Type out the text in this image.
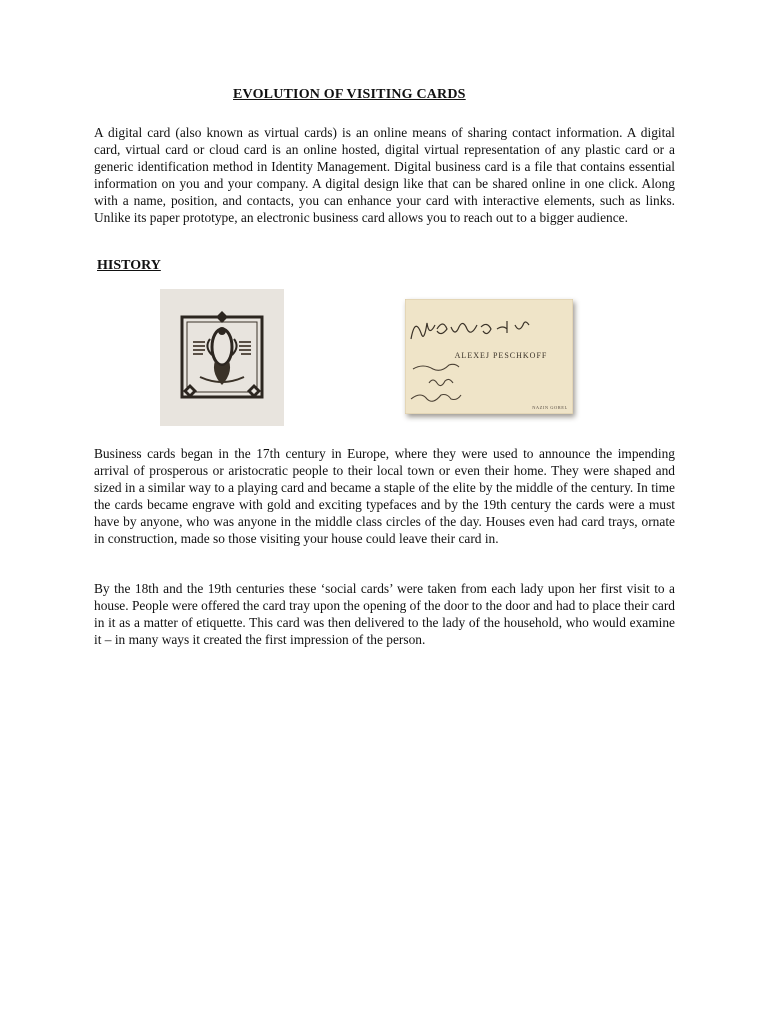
EVOLUTION OF VISITING CARDS

A digital card (also known as virtual cards) is an online means of sharing contact information. A digital card, virtual card or cloud card is an online hosted, digital virtual representation of any plastic card or a generic identification method in Identity Management. Digital business card is a file that contains essential information on you and your company. A digital design like that can be shared online in one click. Along with a name, position, and contacts, you can enhance your card with interactive elements, such as links. Unlike its paper prototype, an electronic business card allows you to reach out to a bigger audience.

HISTORY
ALEXEJ PESCHKOFF
NAZIN GOREL

Business cards began in the 17th century in Europe, where they were used to announce the impending arrival of prosperous or aristocratic people to their local town or even their home. They were shaped and sized in a similar way to a playing card and became a staple of the elite by the middle of the century. In time the cards became engrave with gold and exciting typefaces and by the 19th century the cards were a must have by anyone, who was anyone in the middle class circles of the day. Houses even had card trays, ornate in construction, made so those visiting your house could leave their card in.

By the 18th and the 19th centuries these ‘social cards’ were taken from each lady upon her first visit to a house. People were offered the card tray upon the opening of the door to the door and had to place their card in it as a matter of etiquette. This card was then delivered to the lady of the household, who would examine it – in many ways it created the first impression of the person.
